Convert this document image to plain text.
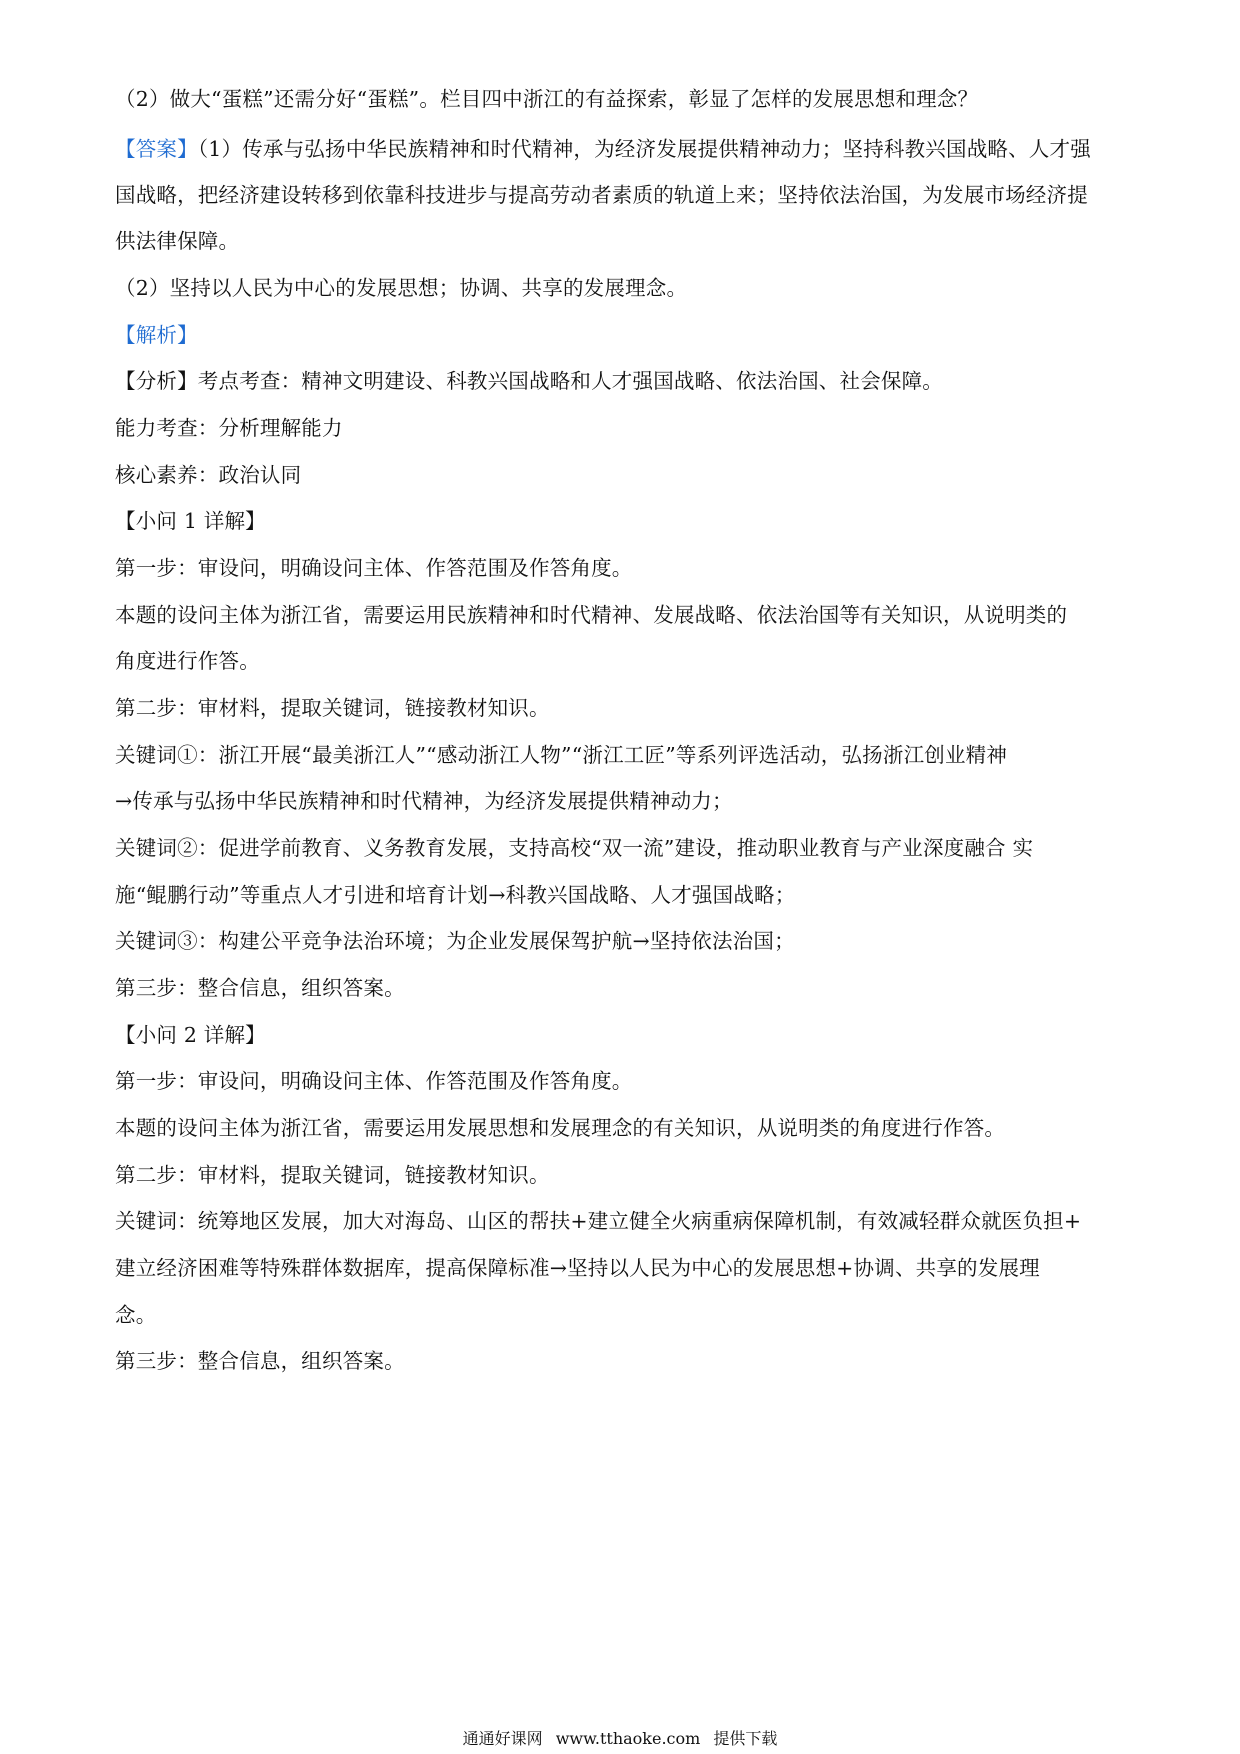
（2）做大“蛋糕”还需分好“蛋糕”。栏目四中浙江的有益探索，彰显了怎样的发展思想和理念？
【答案】（1）传承与弘扬中华民族精神和时代精神，为经济发展提供精神动力；坚持科教兴国战略、人才强
国战略，把经济建设转移到依靠科技进步与提高劳动者素质的轨道上来；坚持依法治国，为发展市场经济提
供法律保障。
（2）坚持以人民为中心的发展思想；协调、共享的发展理念。
【解析】
【分析】考点考查：精神文明建设、科教兴国战略和人才强国战略、依法治国、社会保障。
能力考查：分析理解能力
核心素养：政治认同
【小问 1 详解】
第一步：审设问，明确设问主体、作答范围及作答角度。
本题的设问主体为浙江省，需要运用民族精神和时代精神、发展战略、依法治国等有关知识，从说明类的
角度进行作答。
第二步：审材料，提取关键词，链接教材知识。
关键词①：浙江开展“最美浙江人”“感动浙江人物”“浙江工匠”等系列评选活动，弘扬浙江创业精神
→传承与弘扬中华民族精神和时代精神，为经济发展提供精神动力；
关键词②：促进学前教育、义务教育发展，支持高校“双一流”建设，推动职业教育与产业深度融合 实
施“鲲鹏行动”等重点人才引进和培育计划→科教兴国战略、人才强国战略；
关键词③：构建公平竞争法治环境；为企业发展保驾护航→坚持依法治国；
第三步：整合信息，组织答案。
【小问 2 详解】
第一步：审设问，明确设问主体、作答范围及作答角度。
本题的设问主体为浙江省，需要运用发展思想和发展理念的有关知识，从说明类的角度进行作答。
第二步：审材料，提取关键词，链接教材知识。
关键词：统筹地区发展，加大对海岛、山区的帮扶+建立健全火病重病保障机制，有效减轻群众就医负担+
建立经济困难等特殊群体数据库，提高保障标准→坚持以人民为中心的发展思想+协调、共享的发展理
念。
第三步：整合信息，组织答案。
通通好课网 www.tthaoke.com 提供下载
